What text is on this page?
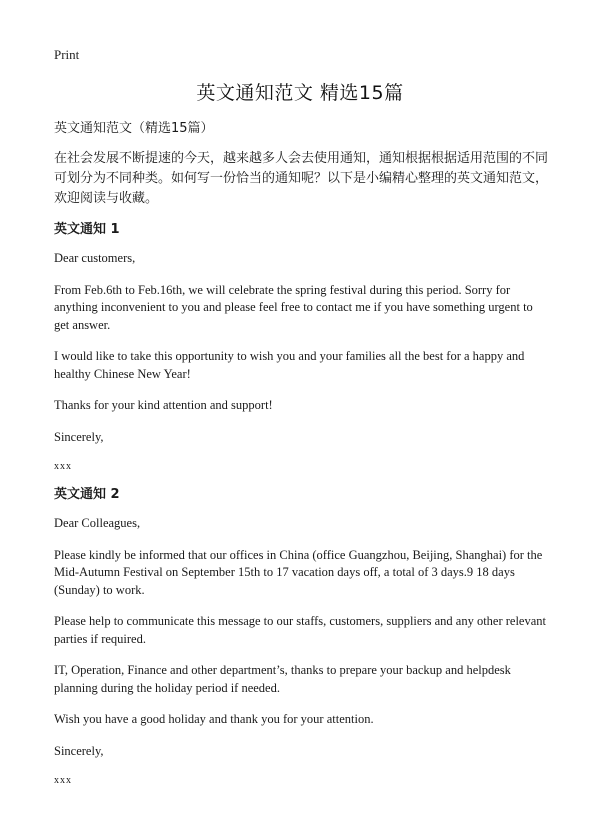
Print
英文通知范文 精选15篇

英文通知范文（精选15篇）

在社会发展不断提速的今天，越来越多人会去使用通知，通知根据根据适用范围的不同可划分为不同种类。如何写一份恰当的通知呢？以下是小编精心整理的英文通知范文，欢迎阅读与收藏。

英文通知 1

Dear customers,

From Feb.6th to Feb.16th, we will celebrate the spring festival during this period. Sorry for anything inconvenient to you and please feel free to contact me if you have something urgent to get answer.

I would like to take this opportunity to wish you and your families all the best for a happy and healthy Chinese New Year!

Thanks for your kind attention and support!

Sincerely,

xxx

英文通知 2

Dear Colleagues,

Please kindly be informed that our offices in China (office Guangzhou, Beijing, Shanghai) for the Mid-Autumn Festival on September 15th to 17 vacation days off, a total of 3 days.9 18 days (Sunday) to work.

Please help to communicate this message to our staffs, customers, suppliers and any other relevant parties if required.

IT, Operation, Finance and other department’s, thanks to prepare your backup and helpdesk planning during the holiday period if needed.

Wish you have a good holiday and thank you for your attention.

Sincerely,

xxx
